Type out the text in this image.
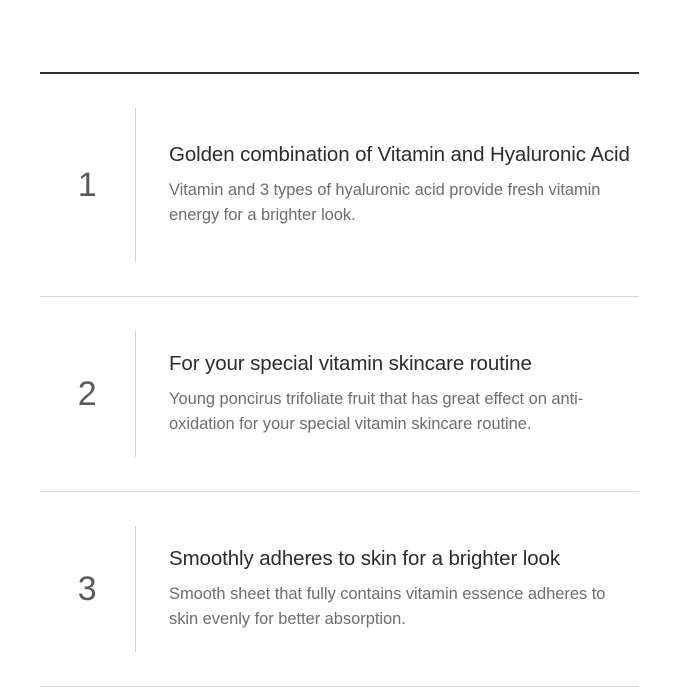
1

Golden combination of Vitamin and Hyaluronic Acid

Vitamin and 3 types of hyaluronic acid provide fresh vitamin energy for a brighter look.

2

For your special vitamin skincare routine

Young poncirus trifoliate fruit that has great effect on anti-oxidation for your special vitamin skincare routine.

3

Smoothly adheres to skin for a brighter look

Smooth sheet that fully contains vitamin essence adheres to skin evenly for better absorption.
